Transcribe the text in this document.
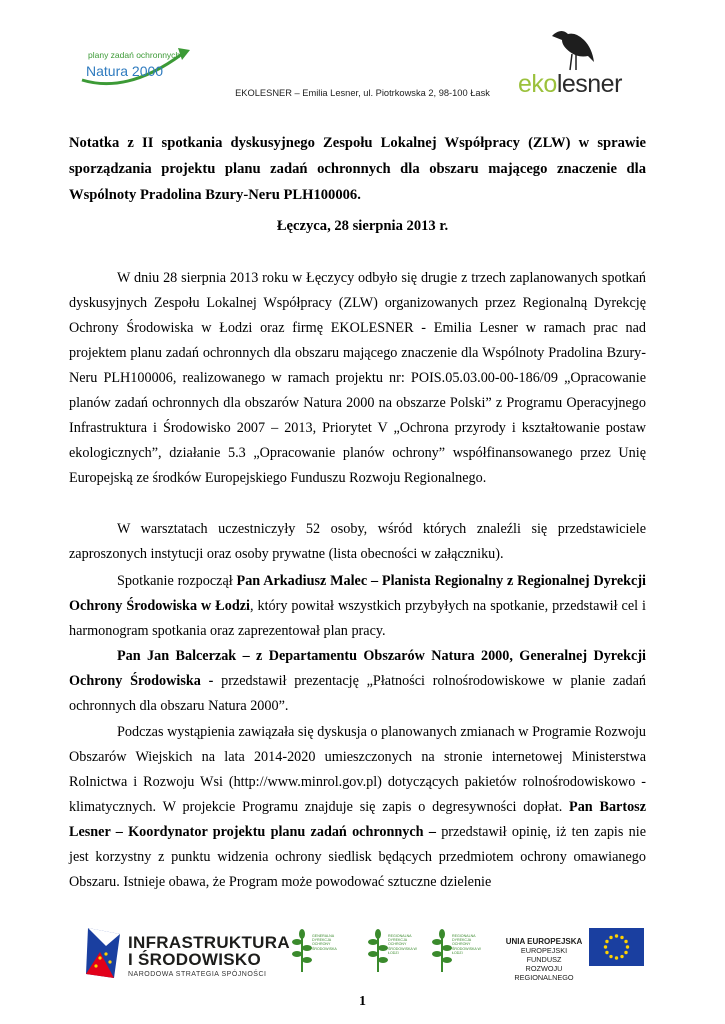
plany zadań ochronnych
Natura 2000	ekolesner
EKOLESNER – Emilia Lesner, ul. Piotrkowska 2, 98-100 Łask

Notatka z II spotkania dyskusyjnego Zespołu Lokalnej Współpracy (ZLW) w sprawie sporządzania projektu planu zadań ochronnych dla obszaru mającego znaczenie dla Wspólnoty Pradolina Bzury-Neru PLH100006.

Łęczyca, 28 sierpnia 2013 r.

W dniu 28 sierpnia 2013 roku w Łęczycy odbyło się drugie z trzech zaplanowanych spotkań dyskusyjnych Zespołu Lokalnej Współpracy (ZLW) organizowanych przez Regionalną Dyrekcję Ochrony Środowiska w Łodzi oraz firmę EKOLESNER - Emilia Lesner w ramach prac nad projektem planu zadań ochronnych dla obszaru mającego znaczenie dla Wspólnoty Pradolina Bzury-Neru PLH100006, realizowanego w ramach projektu nr: POIS.05.03.00-00-186/09 „Opracowanie planów zadań ochronnych dla obszarów Natura 2000 na obszarze Polski” z Programu Operacyjnego Infrastruktura i Środowisko 2007 – 2013, Priorytet V „Ochrona przyrody i kształtowanie postaw ekologicznych”, działanie 5.3 „Opracowanie planów ochrony” współfinansowanego przez Unię Europejską ze środków Europejskiego Funduszu Rozwoju Regionalnego.

W warsztatach uczestniczyły 52 osoby, wśród których znaleźli się przedstawiciele zaproszonych instytucji oraz osoby prywatne (lista obecności w załączniku).

Spotkanie rozpoczął Pan Arkadiusz Malec – Planista Regionalny z Regionalnej Dyrekcji Ochrony Środowiska w Łodzi, który powitał wszystkich przybyłych na spotkanie, przedstawił cel i harmonogram spotkania oraz zaprezentował plan pracy.

Pan Jan Balcerzak – z Departamentu Obszarów Natura 2000, Generalnej Dyrekcji Ochrony Środowiska - przedstawił prezentację „Płatności rolnośrodowiskowe w planie zadań ochronnych dla obszaru Natura 2000”.

Podczas wystąpienia zawiązała się dyskusja o planowanych zmianach w Programie Rozwoju Obszarów Wiejskich na lata 2014-2020 umieszczonych na stronie internetowej Ministerstwa Rolnictwa i Rozwoju Wsi (http://www.minrol.gov.pl) dotyczących pakietów rolnośrodowiskowo - klimatycznych. W projekcie Programu znajduje się zapis o degresywności dopłat. Pan Bartosz Lesner – Koordynator projektu planu zadań ochronnych – przedstawił opinię, iż ten zapis nie jest korzystny z punktu widzenia ochrony siedlisk będących przedmiotem ochrony omawianego Obszaru. Istnieje obawa, że Program może powodować sztuczne dzielenie

INFRASTRUKTURA
I ŚRODOWISKO
NARODOWA STRATEGIA SPÓJNOŚCI
GENERALNA DYREKCJA OCHRONY ŚRODOWISKA
REGIONALNA DYREKCJA OCHRONY ŚRODOWISKA W ŁODZI
REGIONALNA DYREKCJA OCHRONY ŚRODOWISKA W ŁODZI
UNIA EUROPEJSKA
EUROPEJSKI FUNDUSZ
ROZWOJU REGIONALNEGO
1
